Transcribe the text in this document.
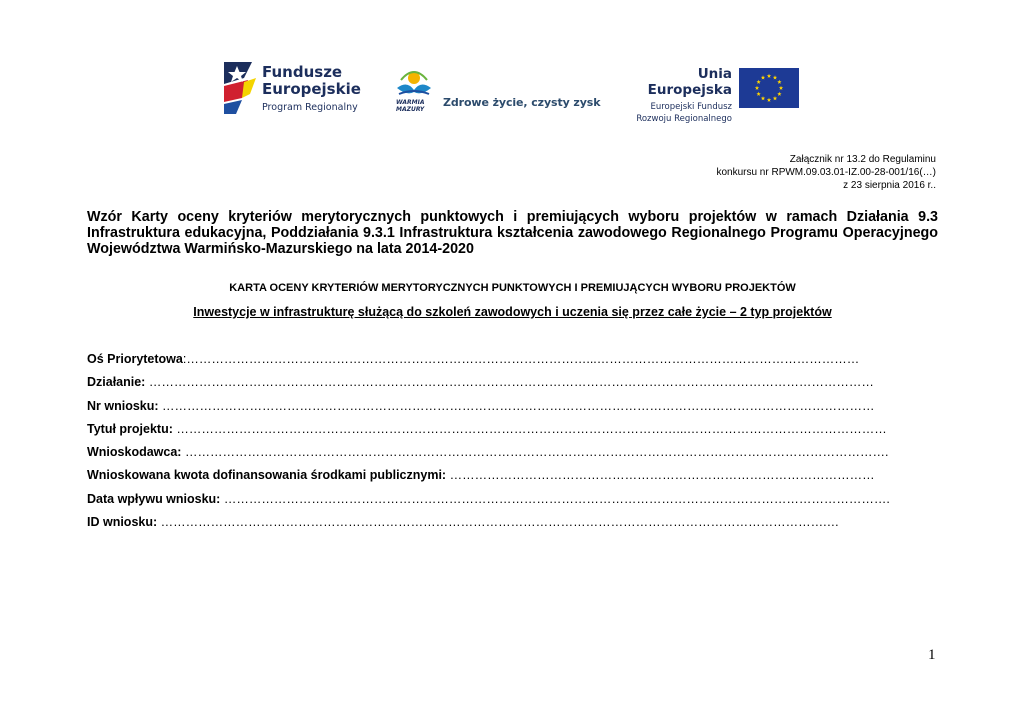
Fundusze
Europejskie
Program Regionalny	WARMIA
MAZURY
Zdrowe życie, czysty zysk
Unia Europejska
Europejski Fundusz
Rozwoju Regionalnego
Załącznik nr 13.2 do Regulaminu
konkursu nr RPWM.09.03.01-IZ.00-28-001/16(…)
z 23 sierpnia 2016 r..
Wzór Karty oceny kryteriów merytorycznych punktowych i premiujących wyboru projektów w ramach Działania 9.3 Infrastruktura edukacyjna, Poddziałania 9.3.1 Infrastruktura kształcenia zawodowego Regionalnego Programu Operacyjnego Województwa Warmińsko-Mazurskiego na lata 2014-2020
KARTA OCENY KRYTERIÓW MERYTORYCZNYCH PUNKTOWYCH I PREMIUJĄCYCH WYBORU PROJEKTÓW
Inwestycje w infrastrukturę służącą do szkoleń zawodowych i uczenia się przez całe życie – 2 typ projektów
Oś Priorytetowa:……………………………………………………………………………………...………………………………………………………
Działanie: …………………………………………………………………………………………………………………………………………………………
Nr wniosku: ………………………………………………………………………………………………………………………………………………………
Tytuł projektu: …………………………………………………………………………………………………………...…………………………………………
Wnioskodawca: …………………………………………………………………………………………………………………………………………………….
Wnioskowana kwota dofinansowania środkami publicznymi: …………………………………………………………………………………………
Data wpływu wniosku: …………………………………………………………………………………………………………………………………………….
ID wniosku: …………………………………………………………………………………………………………………………………………….…
1
